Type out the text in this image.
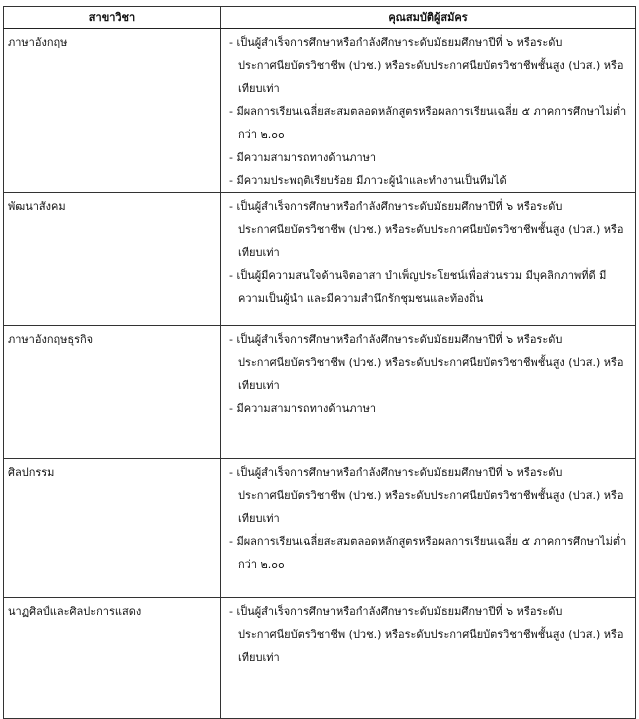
สาขาวิชา	คุณสมบัติผู้สมัคร
ภาษาอังกฤษ	- เป็นผู้สำเร็จการศึกษาหรือกำลังศึกษาระดับมัธยมศึกษาปีที่ ๖ หรือระดับประกาศนียบัตรวิชาชีพ (ปวช.) หรือระดับประกาศนียบัตรวิชาชีพชั้นสูง (ปวส.) หรือเทียบเท่า
- มีผลการเรียนเฉลี่ยสะสมตลอดหลักสูตรหรือผลการเรียนเฉลี่ย ๕ ภาคการศึกษาไม่ต่ำกว่า ๒.๐๐
- มีความสามารถทางด้านภาษา
- มีความประพฤติเรียบร้อย มีภาวะผู้นำและทำงานเป็นทีมได้

พัฒนาสังคม	- เป็นผู้สำเร็จการศึกษาหรือกำลังศึกษาระดับมัธยมศึกษาปีที่ ๖ หรือระดับประกาศนียบัตรวิชาชีพ (ปวช.) หรือระดับประกาศนียบัตรวิชาชีพชั้นสูง (ปวส.) หรือเทียบเท่า
- เป็นผู้มีความสนใจด้านจิตอาสา บำเพ็ญประโยชน์เพื่อส่วนรวม มีบุคลิกภาพที่ดี มีความเป็นผู้นำ และมีความสำนึกรักชุมชนและท้องถิ่น

ภาษาอังกฤษธุรกิจ	- เป็นผู้สำเร็จการศึกษาหรือกำลังศึกษาระดับมัธยมศึกษาปีที่ ๖ หรือระดับประกาศนียบัตรวิชาชีพ (ปวช.) หรือระดับประกาศนียบัตรวิชาชีพชั้นสูง (ปวส.) หรือเทียบเท่า
- มีความสามารถทางด้านภาษา

ศิลปกรรม	- เป็นผู้สำเร็จการศึกษาหรือกำลังศึกษาระดับมัธยมศึกษาปีที่ ๖ หรือระดับประกาศนียบัตรวิชาชีพ (ปวช.) หรือระดับประกาศนียบัตรวิชาชีพชั้นสูง (ปวส.) หรือเทียบเท่า
- มีผลการเรียนเฉลี่ยสะสมตลอดหลักสูตรหรือผลการเรียนเฉลี่ย ๕ ภาคการศึกษาไม่ต่ำกว่า ๒.๐๐

นาฏศิลป์และศิลปะการแสดง	- เป็นผู้สำเร็จการศึกษาหรือกำลังศึกษาระดับมัธยมศึกษาปีที่ ๖ หรือระดับประกาศนียบัตรวิชาชีพ (ปวช.) หรือระดับประกาศนียบัตรวิชาชีพชั้นสูง (ปวส.) หรือเทียบเท่า
